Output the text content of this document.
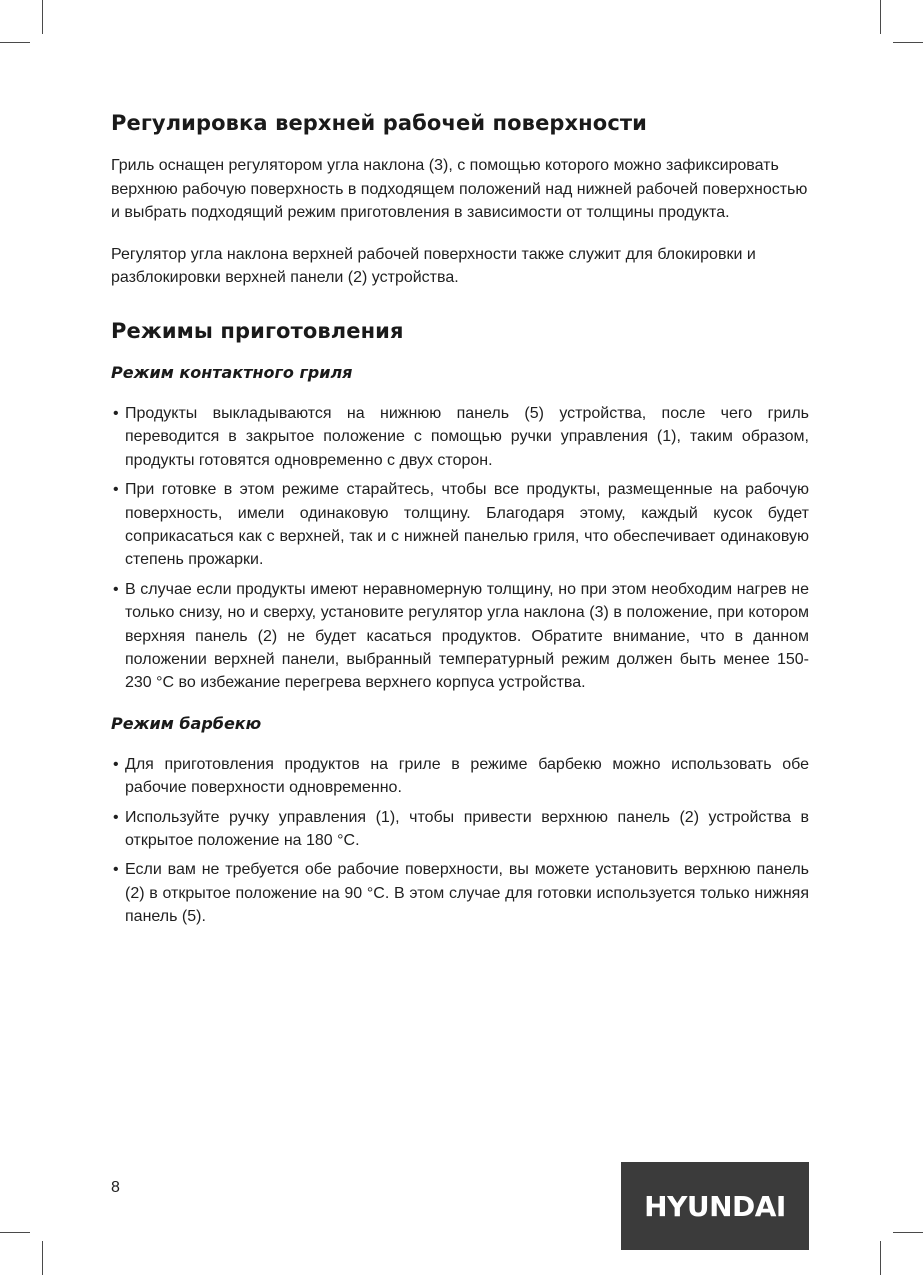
Регулировка верхней рабочей поверхности

Гриль оснащен регулятором угла наклона (3), с помощью которого можно зафиксировать верхнюю рабочую поверхность в подходящем положений над нижней рабочей поверхностью и выбрать подходящий режим приготовления в зависимости от толщины продукта.

Регулятор угла наклона верхней рабочей поверхности также служит для блокировки и разблокировки верхней панели (2) устройства.

Режимы приготовления
Режим контактного гриля
• Продукты выкладываются на нижнюю панель (5) устройства, после чего гриль переводится в закрытое положение с помощью ручки управления (1), таким образом, продукты готовятся одновременно с двух сторон.
• При готовке в этом режиме старайтесь, чтобы все продукты, размещенные на рабочую поверхность, имели одинаковую толщину. Благодаря этому, каждый кусок будет соприкасаться как с верхней, так и с нижней панелью гриля, что обеспечивает одинаковую степень прожарки.
• В случае если продукты имеют неравномерную толщину, но при этом необходим нагрев не только снизу, но и сверху, установите регулятор угла наклона (3) в положение, при котором верхняя панель (2) не будет касаться продуктов. Обратите внимание, что в данном положении верхней панели, выбранный температурный режим должен быть менее 150-230 °С во избежание перегрева верхнего корпуса устройства.
Режим барбекю
• Для приготовления продуктов на гриле в режиме барбекю можно использовать обе рабочие поверхности одновременно.
• Используйте ручку управления (1), чтобы привести верхнюю панель (2) устройства в открытое положение на 180 °С.
• Если вам не требуется обе рабочие поверхности, вы можете установить верхнюю панель (2) в открытое положение на 90 °С. В этом случае для готовки используется только нижняя панель (5).
8
HYUNDAI
